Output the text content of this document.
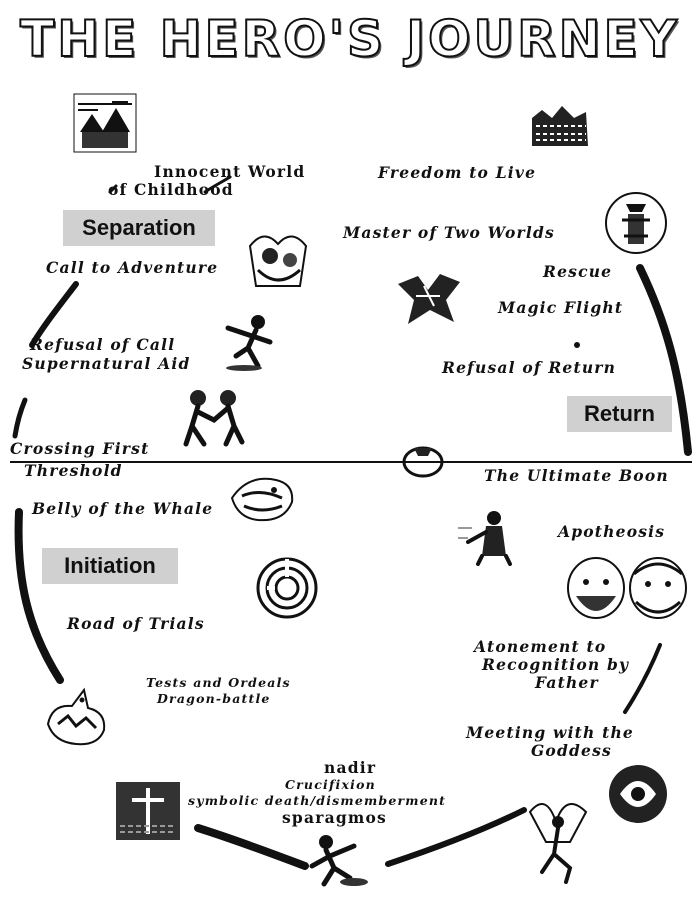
THE HERO'S JOURNEY
Separation
Return
Initiation
Innocent World
of Childhood
Call to Adventure
Refusal of Call
Supernatural Aid
Crossing First
Threshold
Belly of the Whale
Road of Trials
Tests and Ordeals
Dragon-battle
nadir
Crucifixion
symbolic death/dismemberment
sparagmos
Meeting with the
Goddess
Atonement to
Recognition by
Father
Apotheosis
The Ultimate Boon
Refusal of Return
Magic Flight
Rescue
Master of Two Worlds
Freedom to Live
